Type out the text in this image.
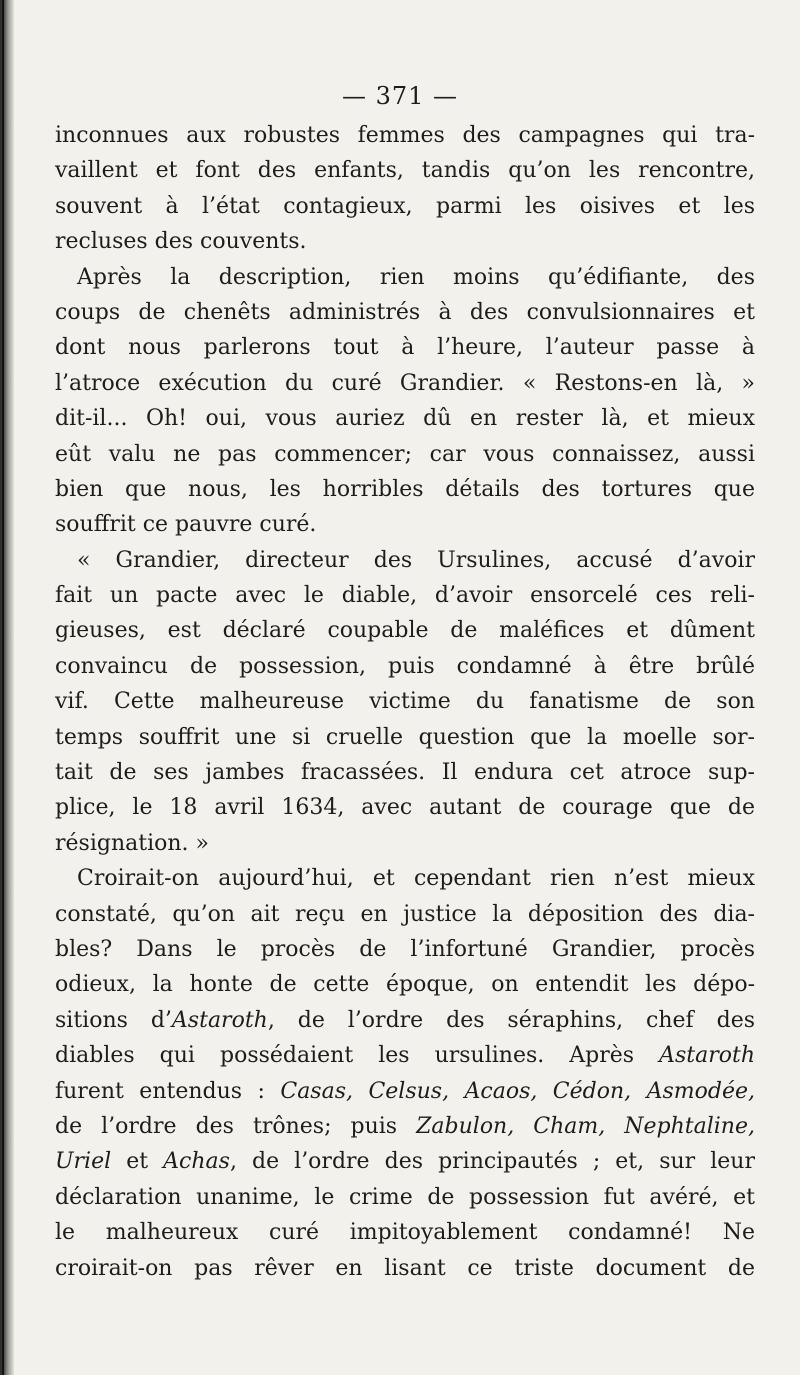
— 371 —
inconnues aux robustes femmes des campagnes qui tra-
vaillent et font des enfants, tandis qu’on les rencontre,
souvent à l’état contagieux, parmi les oisives et les
recluses des couvents.
Après la description, rien moins qu’édifiante, des
coups de chenêts administrés à des convulsionnaires et
dont nous parlerons tout à l’heure, l’auteur passe à
l’atroce exécution du curé Grandier. « Restons-en là, »
dit-il... Oh! oui, vous auriez dû en rester là, et mieux
eût valu ne pas commencer; car vous connaissez, aussi
bien que nous, les horribles détails des tortures que
souffrit ce pauvre curé.
« Grandier, directeur des Ursulines, accusé d’avoir
fait un pacte avec le diable, d’avoir ensorcelé ces reli-
gieuses, est déclaré coupable de maléfices et dûment
convaincu de possession, puis condamné à être brûlé
vif. Cette malheureuse victime du fanatisme de son
temps souffrit une si cruelle question que la moelle sor-
tait de ses jambes fracassées. Il endura cet atroce sup-
plice, le 18 avril 1634, avec autant de courage que de
résignation. »
Croirait-on aujourd’hui, et cependant rien n’est mieux
constaté, qu’on ait reçu en justice la déposition des dia-
bles? Dans le procès de l’infortuné Grandier, procès
odieux, la honte de cette époque, on entendit les dépo-
sitions d’Astaroth, de l’ordre des séraphins, chef des
diables qui possédaient les ursulines. Après Astaroth
furent entendus : Casas, Celsus, Acaos, Cédon, Asmodée,
de l’ordre des trônes; puis Zabulon, Cham, Nephtaline,
Uriel et Achas, de l’ordre des principautés ; et, sur leur
déclaration unanime, le crime de possession fut avéré, et
le malheureux curé impitoyablement condamné! Ne
croirait-on pas rêver en lisant ce triste document de
